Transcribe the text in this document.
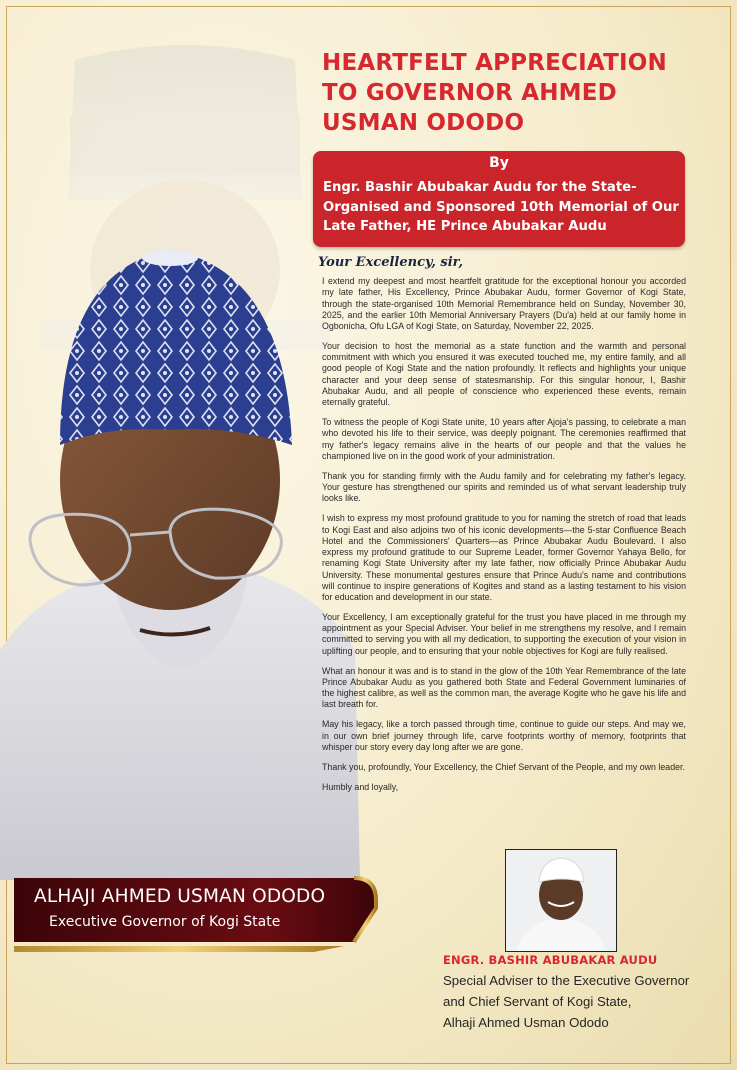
HEARTFELT APPRECIATION
TO GOVERNOR AHMED
USMAN ODODO
By
Engr. Bashir Abubakar Audu for the State-Organised and Sponsored 10th Memorial of Our Late Father, HE Prince Abubakar Audu
Your Excellency, sir,

I extend my deepest and most heartfelt gratitude for the exceptional honour you accorded my late father, His Excellency, Prince Abubakar Audu, former Governor of Kogi State, through the state-organised 10th Memorial Remembrance held on Sunday, November 30, 2025, and the earlier 10th Memorial Anniversary Prayers (Du'a) held at our family home in Ogbonicha, Ofu LGA of Kogi State, on Saturday, November 22, 2025.

Your decision to host the memorial as a state function and the warmth and personal commitment with which you ensured it was executed touched me, my entire family, and all good people of Kogi State and the nation profoundly. It reflects and highlights your unique character and your deep sense of statesmanship. For this singular honour, I, Bashir Abubakar Audu, and all people of conscience who experienced these events, remain eternally grateful.

To witness the people of Kogi State unite, 10 years after Ajoja's passing, to celebrate a man who devoted his life to their service, was deeply poignant. The ceremonies reaffirmed that my father's legacy remains alive in the hearts of our people and that the values he championed live on in the good work of your administration.

Thank you for standing firmly with the Audu family and for celebrating my father's legacy. Your gesture has strengthened our spirits and reminded us of what servant leadership truly looks like.

I wish to express my most profound gratitude to you for naming the stretch of road that leads to Kogi East and also adjoins two of his iconic developments—the 5-star Confluence Beach Hotel and the Commissioners' Quarters—as Prince Abubakar Audu Boulevard. I also express my profound gratitude to our Supreme Leader, former Governor Yahaya Bello, for renaming Kogi State University after my late father, now officially Prince Abubakar Audu University. These monumental gestures ensure that Prince Audu's name and contributions will continue to inspire generations of Kogites and stand as a lasting testament to his vision for education and development in our state.

Your Excellency, I am exceptionally grateful for the trust you have placed in me through my appointment as your Special Adviser. Your belief in me strengthens my resolve, and I remain committed to serving you with all my dedication, to supporting the execution of your vision in uplifting our people, and to ensuring that your noble objectives for Kogi are fully realised.

What an honour it was and is to stand in the glow of the 10th Year Remembrance of the late Prince Abubakar Audu as you gathered both State and Federal Government luminaries of the highest calibre, as well as the common man, the average Kogite who he gave his life and last breath for.

May his legacy, like a torch passed through time, continue to guide our steps. And may we, in our own brief journey through life, carve footprints worthy of memory, footprints that whisper our story every day long after we are gone.

Thank you, profoundly, Your Excellency, the Chief Servant of the People, and my own leader.

Humbly and loyally,

ALHAJI AHMED USMAN ODODO
Executive Governor of Kogi State
ENGR. BASHIR ABUBAKAR AUDU
Special Adviser to the Executive Governor
and Chief Servant of Kogi State,
Alhaji Ahmed Usman Ododo
